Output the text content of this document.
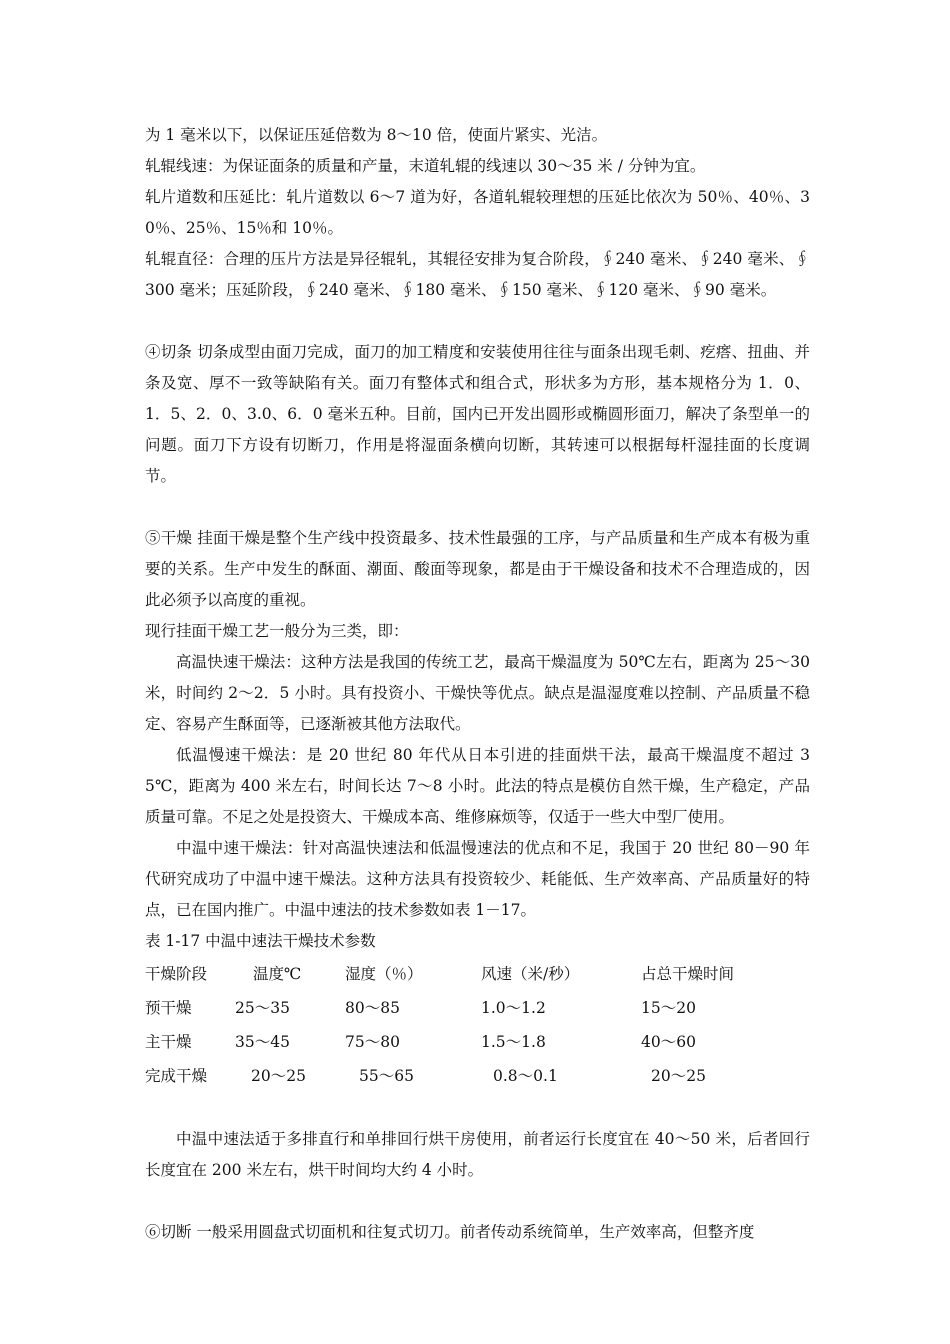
为 1 毫米以下，以保证压延倍数为 8～10 倍，使面片紧实、光洁。

轧辊线速：为保证面条的质量和产量，末道轧辊的线速以 30～35 米 / 分钟为宜。

轧片道数和压延比：轧片道数以 6～7 道为好，各道轧辊较理想的压延比依次为 50％、40％、30％、25％、15％和 10％。

轧辊直径：合理的压片方法是异径辊轧，其辊径安排为复合阶段，∮240 毫米、∮240 毫米、∮300 毫米；压延阶段，∮240 毫米、∮180 毫米、∮150 毫米、∮120 毫米、∮90 毫米。

④切条 切条成型由面刀完成，面刀的加工精度和安装使用往往与面条出现毛刺、疙瘩、扭曲、并条及宽、厚不一致等缺陷有关。面刀有整体式和组合式，形状多为方形，基本规格分为 1．0、1．5、2．0、3.0、6．0 毫米五种。目前，国内已开发出圆形或椭圆形面刀，解决了条型单一的问题。面刀下方设有切断刀，作用是将湿面条横向切断，其转速可以根据每杆湿挂面的长度调节。

⑤干燥 挂面干燥是整个生产线中投资最多、技术性最强的工序，与产品质量和生产成本有极为重要的关系。生产中发生的酥面、潮面、酸面等现象，都是由于干燥设备和技术不合理造成的，因此必须予以高度的重视。

现行挂面干燥工艺一般分为三类，即：

高温快速干燥法：这种方法是我国的传统工艺，最高干燥温度为 50℃左右，距离为 25～30 米，时间约 2～2．5 小时。具有投资小、干燥快等优点。缺点是温湿度难以控制、产品质量不稳定、容易产生酥面等，已逐渐被其他方法取代。

低温慢速干燥法：是 20 世纪 80 年代从日本引进的挂面烘干法，最高干燥温度不超过 35℃，距离为 400 米左右，时间长达 7～8 小时。此法的特点是模仿自然干燥，生产稳定，产品质量可靠。不足之处是投资大、干燥成本高、维修麻烦等，仅适于一些大中型厂使用。

中温中速干燥法：针对高温快速法和低温慢速法的优点和不足，我国于 20 世纪 80－90 年代研究成功了中温中速干燥法。这种方法具有投资较少、耗能低、生产效率高、产品质量好的特点，已在国内推广。中温中速法的技术参数如表 1－17。

表 1-17 中温中速法干燥技术参数

干燥阶段	温度℃	湿度（％）	风速（米/秒）	占总干燥时间
预干燥	25～35	80～85	1.0～1.2	15～20
主干燥	35～45	75～80	1.5～1.8	40～60
完成干燥	20～25	55～65	0.8～0.1	20～25

中温中速法适于多排直行和单排回行烘干房使用，前者运行长度宜在 40～50 米，后者回行长度宜在 200 米左右，烘干时间均大约 4 小时。

⑥切断 一般采用圆盘式切面机和往复式切刀。前者传动系统简单，生产效率高，但整齐度
